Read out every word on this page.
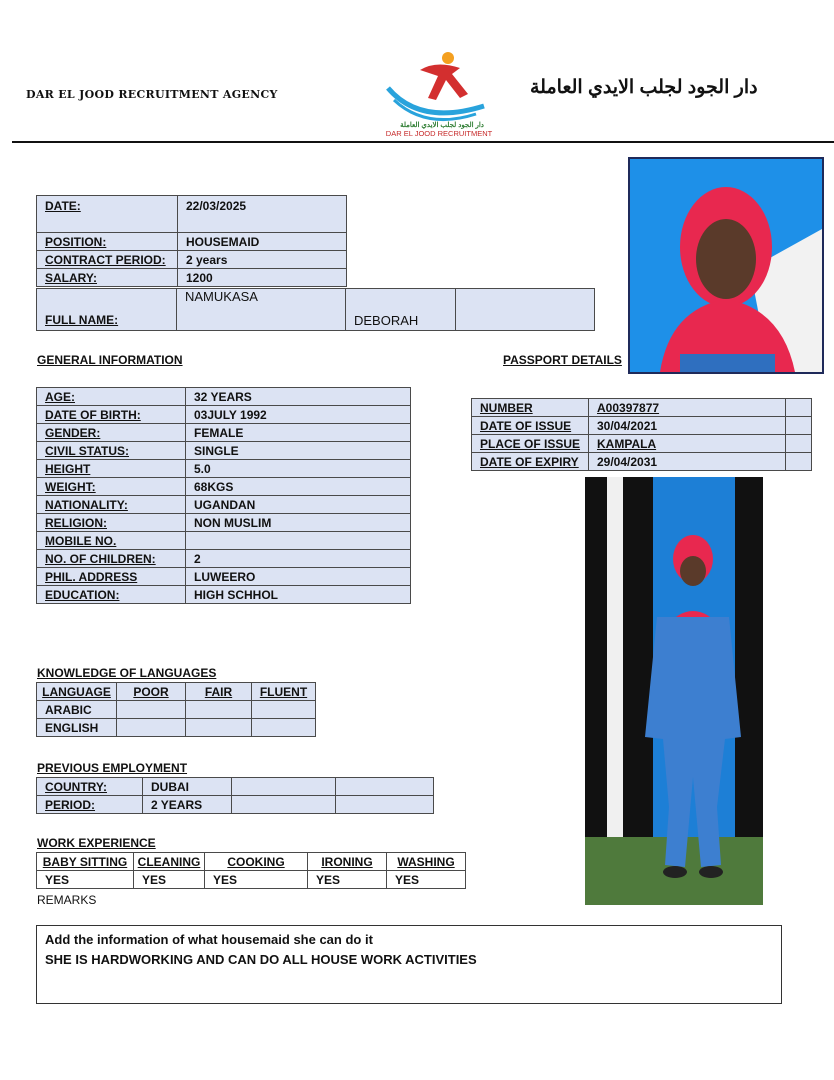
DAR EL JOOD RECRUITMENT AGENCY
دار الجود لجلب الايدي العاملة
DAR EL JOOD RECRUITMENT
دار الجود لجلب الايدي العاملة
DATE:	22/03/2025
POSITION:	HOUSEMAID
CONTRACT PERIOD:	2 years
SALARY:	1200
FULL NAME:	NAMUKASA	DEBORAH	
GENERAL INFORMATION
AGE:	32 YEARS
DATE OF BIRTH:	03JULY 1992
GENDER:	FEMALE
CIVIL STATUS:	SINGLE
HEIGHT	5.0
WEIGHT:	68KGS
NATIONALITY:	UGANDAN
RELIGION:	NON MUSLIM
MOBILE NO.	
NO. OF CHILDREN:	2
PHIL. ADDRESS	LUWEERO
EDUCATION:	HIGH SCHHOL
PASSPORT DETAILS
NUMBER	A00397877	
DATE OF ISSUE	30/04/2021	
PLACE OF ISSUE	KAMPALA	
DATE OF EXPIRY	29/04/2031	
KNOWLEDGE OF LANGUAGES
LANGUAGE	POOR	FAIR	FLUENT
ARABIC			
ENGLISH			
PREVIOUS EMPLOYMENT
COUNTRY:	DUBAI		
PERIOD:	2 YEARS		
WORK EXPERIENCE
BABY SITTING	CLEANING	COOKING	IRONING	WASHING
YES	YES	YES	YES	YES
REMARKS
Add the information of what housemaid she can do it
SHE IS HARDWORKING AND CAN DO ALL HOUSE WORK ACTIVITIES
